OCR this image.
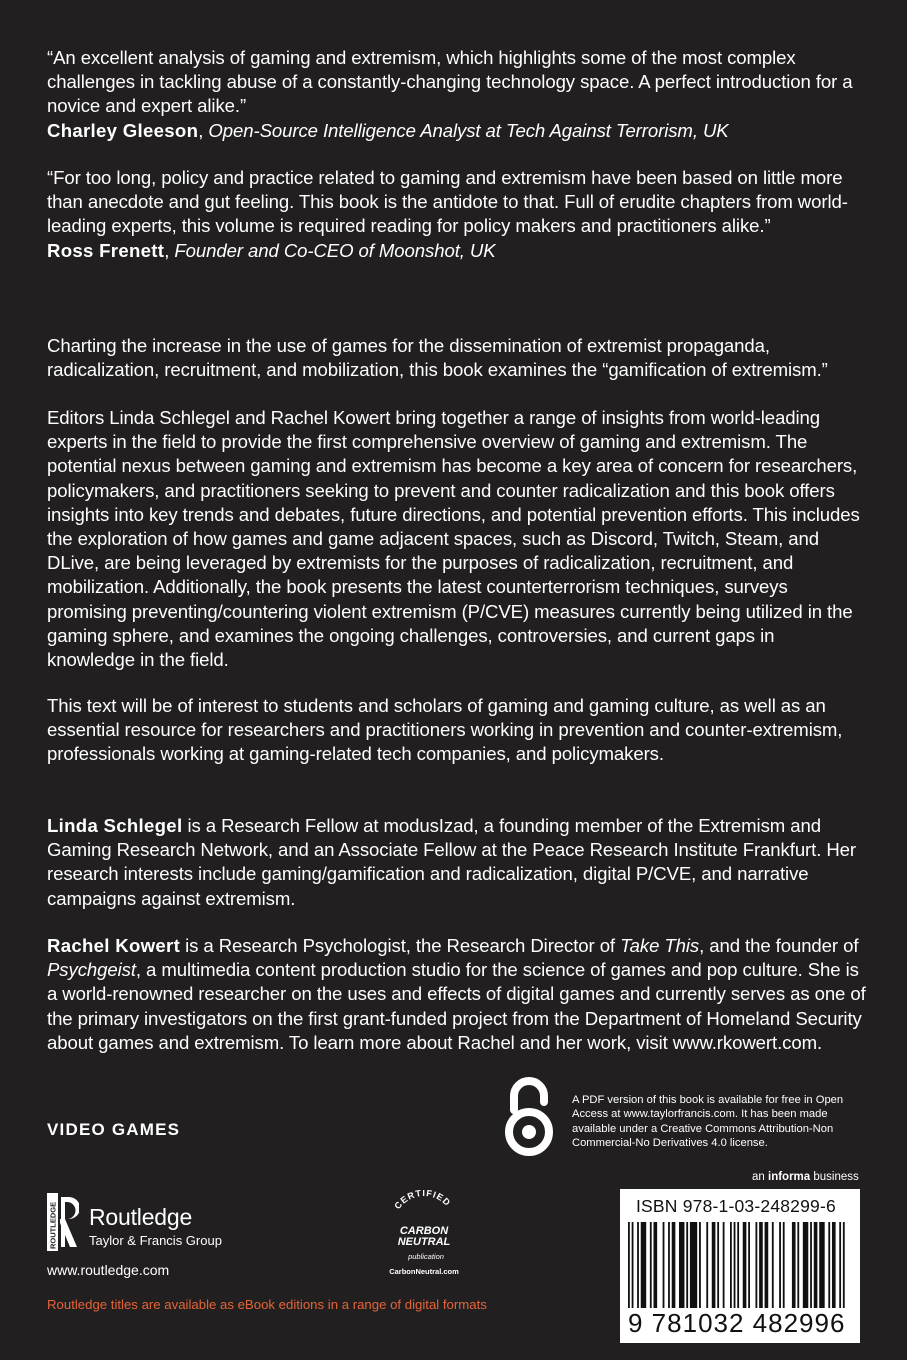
“An excellent analysis of gaming and extremism, which highlights some of the most complex challenges in tackling abuse of a constantly-changing technology space. A perfect introduction for a novice and expert alike.”
Charley Gleeson, Open-Source Intelligence Analyst at Tech Against Terrorism, UK

“For too long, policy and practice related to gaming and extremism have been based on little more than anecdote and gut feeling. This book is the antidote to that. Full of erudite chapters from world-leading experts, this volume is required reading for policy makers and practitioners alike.”
Ross Frenett, Founder and Co-CEO of Moonshot, UK

Charting the increase in the use of games for the dissemination of extremist propaganda, radicalization, recruitment, and mobilization, this book examines the “gamification of extremism.”

Editors Linda Schlegel and Rachel Kowert bring together a range of insights from world-leading experts in the field to provide the first comprehensive overview of gaming and extremism. The potential nexus between gaming and extremism has become a key area of concern for researchers, policymakers, and practitioners seeking to prevent and counter radicalization and this book offers insights into key trends and debates, future directions, and potential prevention efforts. This includes the exploration of how games and game adjacent spaces, such as Discord, Twitch, Steam, and DLive, are being leveraged by extremists for the purposes of radicalization, recruitment, and mobilization. Additionally, the book presents the latest counterterrorism techniques, surveys promising preventing/countering violent extremism (P/CVE) measures currently being utilized in the gaming sphere, and examines the ongoing challenges, controversies, and current gaps in knowledge in the field.

This text will be of interest to students and scholars of gaming and gaming culture, as well as an essential resource for researchers and practitioners working in prevention and counter-extremism, professionals working at gaming-related tech companies, and policymakers.

Linda Schlegel is a Research Fellow at modusIzad, a founding member of the Extremism and Gaming Research Network, and an Associate Fellow at the Peace Research Institute Frankfurt. Her research interests include gaming/gamification and radicalization, digital P/CVE, and narrative campaigns against extremism.

Rachel Kowert is a Research Psychologist, the Research Director of Take This, and the founder of Psychgeist, a multimedia content production studio for the science of games and pop culture. She is a world-renowned researcher on the uses and effects of digital games and currently serves as one of the primary investigators on the first grant-funded project from the Department of Homeland Security about games and extremism. To learn more about Rachel and her work, visit www.rkowert.com.

VIDEO GAMES
A PDF version of this book is available for free in Open Access at www.taylorfrancis.com. It has been made available under a Creative Commons Attribution-Non Commercial-No Derivatives 4.0 license.
an informa business
ISBN 978-1-03-248299-6
9 781032 482996
ROUTLEDGE Routledge
Taylor & Francis Group
www.routledge.com
CERTIFIED
CARBON
NEUTRAL
publication
CarbonNeutral.com
Routledge titles are available as eBook editions in a range of digital formats
